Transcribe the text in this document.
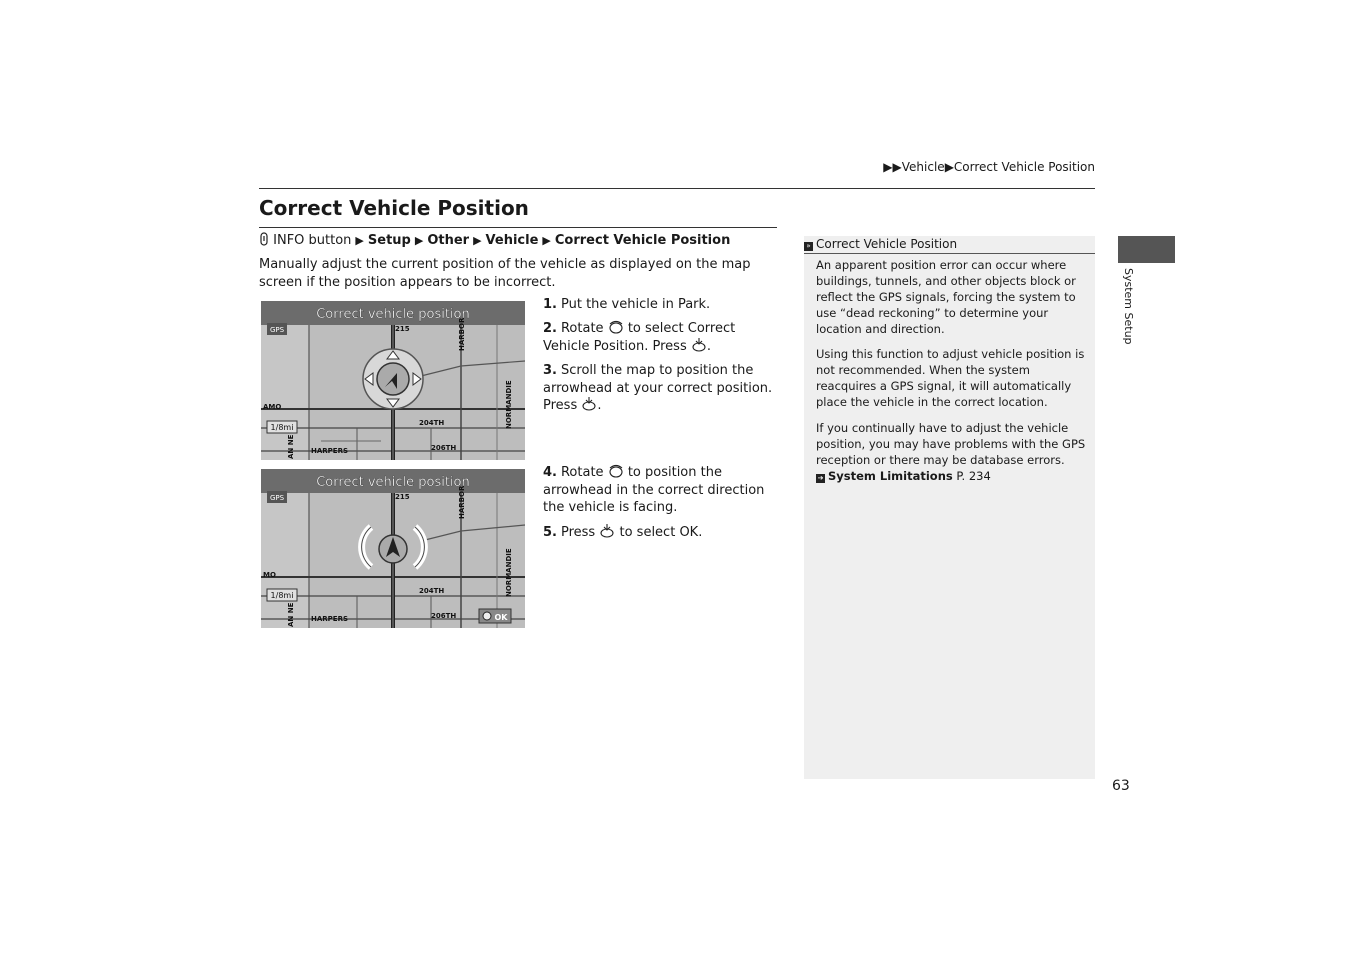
▶▶Vehicle▶Correct Vehicle Position
Correct Vehicle Position
INFO button ▶ Setup ▶ Other ▶ Vehicle ▶ Correct Vehicle Position
Manually adjust the current position of the vehicle as displayed on the map screen if the position appears to be incorrect.
Correct vehicle position
GPS	HARBOR
NORMANDIE
HARPERS
204TH
206TH
AMO
215
AN NE
1/8mi
Correct vehicle position
GPS	HARBOR
NORMANDIE
HARPERS
204TH
206TH
MO
215
AN NE
1/8mi
OK
1. Put the vehicle in Park.
2. Rotate to select Correct Vehicle Position. Press .
3. Scroll the map to position the arrowhead at your correct position. Press .
4. Rotate to position the arrowhead in the correct direction the vehicle is facing.
5. Press to select OK.
» Correct Vehicle Position
An apparent position error can occur where buildings, tunnels, and other objects block or reflect the GPS signals, forcing the system to use “dead reckoning” to determine your location and direction.
Using this function to adjust vehicle position is not recommended. When the system reacquires a GPS signal, it will automatically place the vehicle in the correct location.
If you continually have to adjust the vehicle position, you may have problems with the GPS reception or there may be database errors.
➔ System Limitations P. 234
System Setup
63
